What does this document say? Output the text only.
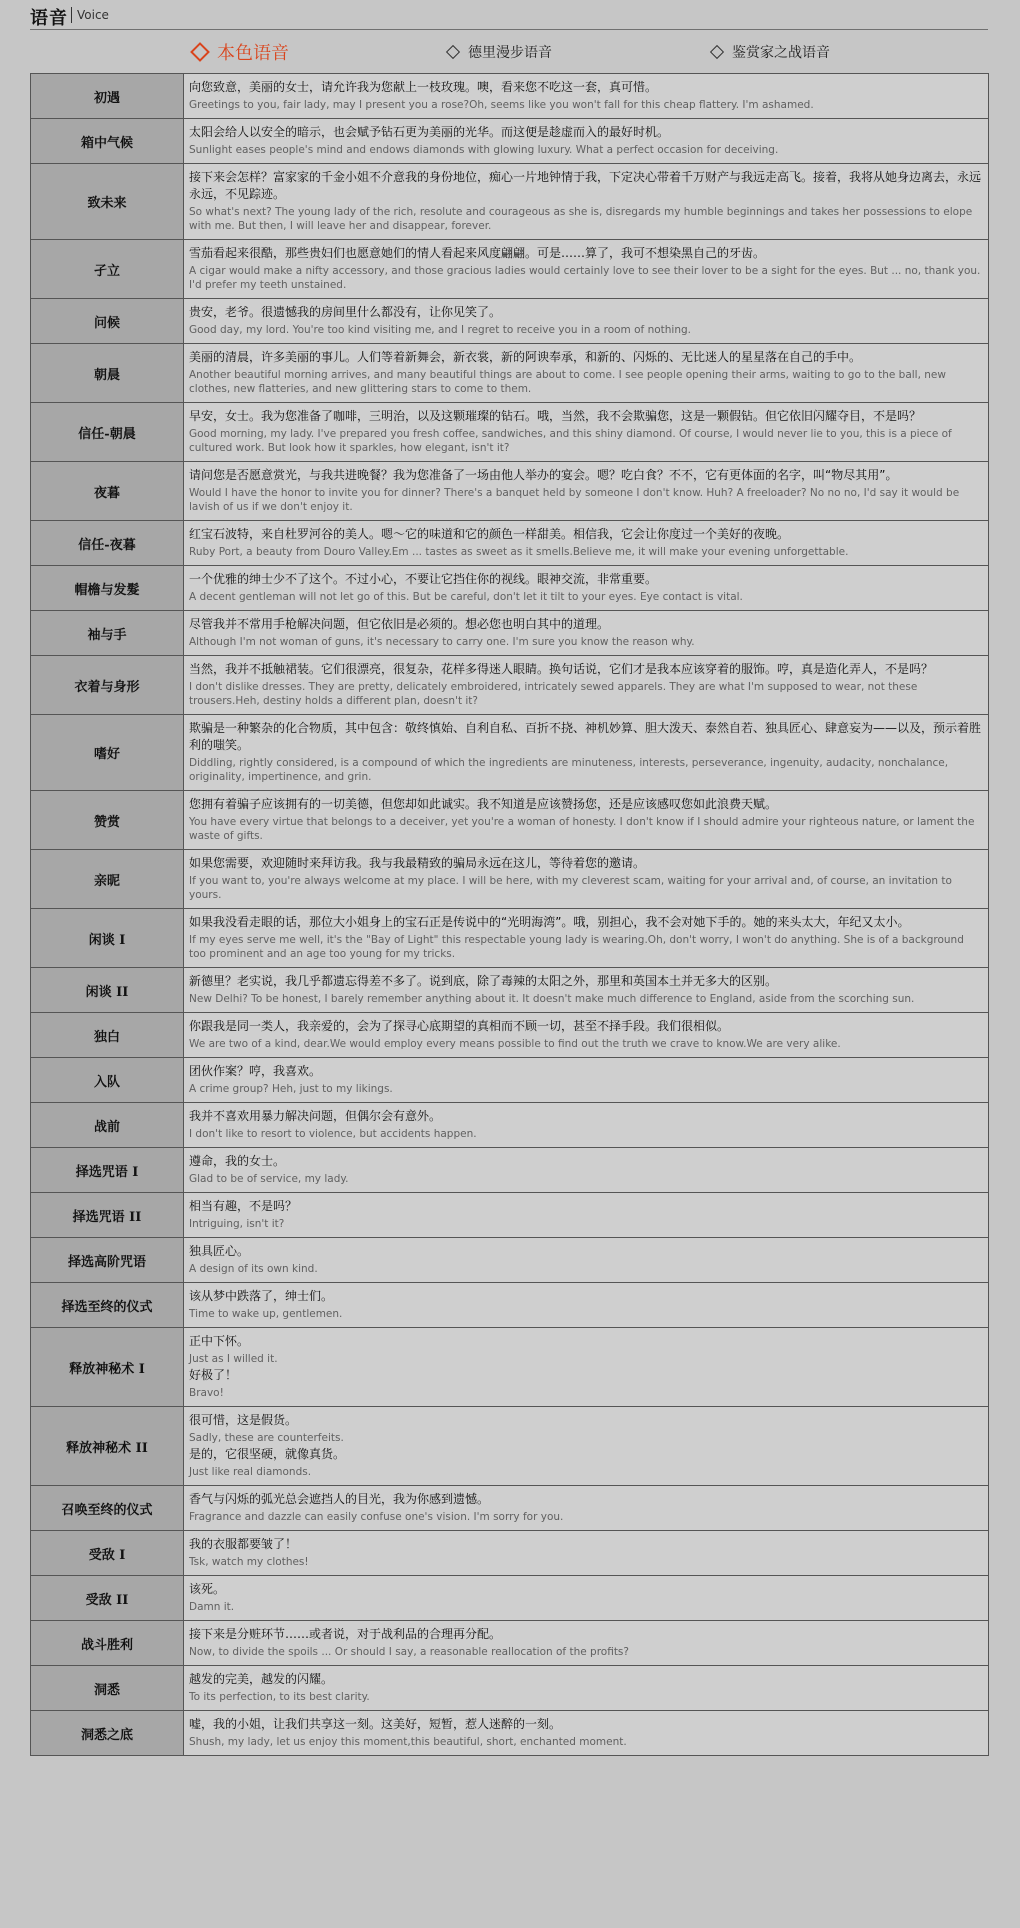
语音 Voice
本色语音	德里漫步语音	鉴赏家之战语音
初遇	向您致意，美丽的女士，请允许我为您献上一枝玫瑰。噢，看来您不吃这一套，真可惜。
Greetings to you, fair lady, may I present you a rose?Oh, seems like you won't fall for this cheap flattery. I'm ashamed.

箱中气候	太阳会给人以安全的暗示，也会赋予钻石更为美丽的光华。而这便是趁虚而入的最好时机。
Sunlight eases people's mind and endows diamonds with glowing luxury. What a perfect occasion for deceiving.

致未来	接下来会怎样？富家家的千金小姐不介意我的身份地位，痴心一片地钟情于我，下定决心带着千万财产与我远走高飞。接着，我将从她身边离去，永远永远，不见踪迹。
So what's next? The young lady of the rich, resolute and courageous as she is, disregards my humble beginnings and takes her possessions to elope with me. But then, I will leave her and disappear, forever.

孑立	雪茄看起来很酷，那些贵妇们也愿意她们的情人看起来风度翩翩。可是……算了，我可不想染黑自己的牙齿。
A cigar would make a nifty accessory, and those gracious ladies would certainly love to see their lover to be a sight for the eyes. But ... no, thank you. I'd prefer my teeth unstained.

问候	贵安，老爷。很遗憾我的房间里什么都没有，让你见笑了。
Good day, my lord. You're too kind visiting me, and I regret to receive you in a room of nothing.

朝晨	美丽的清晨，许多美丽的事儿。人们等着新舞会，新衣裳，新的阿谀奉承，和新的、闪烁的、无比迷人的星星落在自己的手中。
Another beautiful morning arrives, and many beautiful things are about to come. I see people opening their arms, waiting to go to the ball, new clothes, new flatteries, and new glittering stars to come to them.

信任-朝晨	早安，女士。我为您准备了咖啡，三明治，以及这颗璀璨的钻石。哦，当然，我不会欺骗您，这是一颗假钻。但它依旧闪耀夺目，不是吗？
Good morning, my lady. I've prepared you fresh coffee, sandwiches, and this shiny diamond. Of course, I would never lie to you, this is a piece of cultured work. But look how it sparkles, how elegant, isn't it?

夜暮	请问您是否愿意赏光，与我共进晚餐？我为您准备了一场由他人举办的宴会。嗯？吃白食？不不，它有更体面的名字，叫“物尽其用”。
Would I have the honor to invite you for dinner? There's a banquet held by someone I don't know. Huh? A freeloader? No no no, I'd say it would be lavish of us if we don't enjoy it.

信任-夜暮	红宝石波特，来自杜罗河谷的美人。嗯～它的味道和它的颜色一样甜美。相信我，它会让你度过一个美好的夜晚。
Ruby Port, a beauty from Douro Valley.Em ... tastes as sweet as it smells.Believe me, it will make your evening unforgettable.

帽檐与发髮	一个优雅的绅士少不了这个。不过小心，不要让它挡住你的视线。眼神交流，非常重要。
A decent gentleman will not let go of this. But be careful, don't let it tilt to your eyes. Eye contact is vital.

袖与手	尽管我并不常用手枪解决问题，但它依旧是必须的。想必您也明白其中的道理。
Although I'm not woman of guns, it's necessary to carry one. I'm sure you know the reason why.

衣着与身形	当然，我并不抵触裙装。它们很漂亮，很复杂，花样多得迷人眼睛。换句话说，它们才是我本应该穿着的服饰。哼，真是造化弄人，不是吗？
I don't dislike dresses. They are pretty, delicately embroidered, intricately sewed apparels. They are what I'm supposed to wear, not these trousers.Heh, destiny holds a different plan, doesn't it?

嗜好	欺骗是一种繁杂的化合物质，其中包含：敬终慎始、自利自私、百折不挠、神机妙算、胆大泼天、泰然自若、独具匠心、肆意妄为——以及，预示着胜利的嗤笑。
Diddling, rightly considered, is a compound of which the ingredients are minuteness, interests, perseverance, ingenuity, audacity, nonchalance, originality, impertinence, and grin.

赞赏	您拥有着骗子应该拥有的一切美德，但您却如此诚实。我不知道是应该赞扬您，还是应该感叹您如此浪费天赋。
You have every virtue that belongs to a deceiver, yet you're a woman of honesty. I don't know if I should admire your righteous nature, or lament the waste of gifts.

亲昵	如果您需要，欢迎随时来拜访我。我与我最精致的骗局永远在这儿，等待着您的邀请。
If you want to, you're always welcome at my place. I will be here, with my cleverest scam, waiting for your arrival and, of course, an invitation to yours.

闲谈 I	如果我没看走眼的话，那位大小姐身上的宝石正是传说中的“光明海湾”。哦，别担心，我不会对她下手的。她的来头太大，年纪又太小。
If my eyes serve me well, it's the "Bay of Light" this respectable young lady is wearing.Oh, don't worry, I won't do anything. She is of a background too prominent and an age too young for my tricks.

闲谈 II	新德里？老实说，我几乎都遗忘得差不多了。说到底，除了毒辣的太阳之外，那里和英国本土并无多大的区别。
New Delhi? To be honest, I barely remember anything about it. It doesn't make much difference to England, aside from the scorching sun.

独白	你跟我是同一类人，我亲爱的，会为了探寻心底期望的真相而不顾一切，甚至不择手段。我们很相似。
We are two of a kind, dear.We would employ every means possible to find out the truth we crave to know.We are very alike.

入队	团伙作案？哼，我喜欢。
A crime group? Heh, just to my likings.

战前	我并不喜欢用暴力解决问题，但偶尔会有意外。
I don't like to resort to violence, but accidents happen.

择选咒语 I	遵命，我的女士。
Glad to be of service, my lady.

择选咒语 II	相当有趣，不是吗？
Intriguing, isn't it?

择选高阶咒语	独具匠心。
A design of its own kind.

择选至终的仪式	该从梦中跌落了，绅士们。
Time to wake up, gentlemen.

释放神秘术 I	正中下怀。
Just as I willed it.
好极了！
Bravo!

释放神秘术 II	很可惜，这是假货。
Sadly, these are counterfeits.
是的，它很坚硬，就像真货。
Just like real diamonds.

召唤至终的仪式	香气与闪烁的弧光总会遮挡人的目光，我为你感到遗憾。
Fragrance and dazzle can easily confuse one's vision. I'm sorry for you.

受敌 I	我的衣服都要皱了！
Tsk, watch my clothes!

受敌 II	该死。
Damn it.

战斗胜利	接下来是分赃环节……或者说，对于战利品的合理再分配。
Now, to divide the spoils ... Or should I say, a reasonable reallocation of the profits?

洞悉	越发的完美，越发的闪耀。
To its perfection, to its best clarity.

洞悉之底	嘘，我的小姐，让我们共享这一刻。这美好，短暂，惹人迷醉的一刻。
Shush, my lady, let us enjoy this moment,this beautiful, short, enchanted moment.
